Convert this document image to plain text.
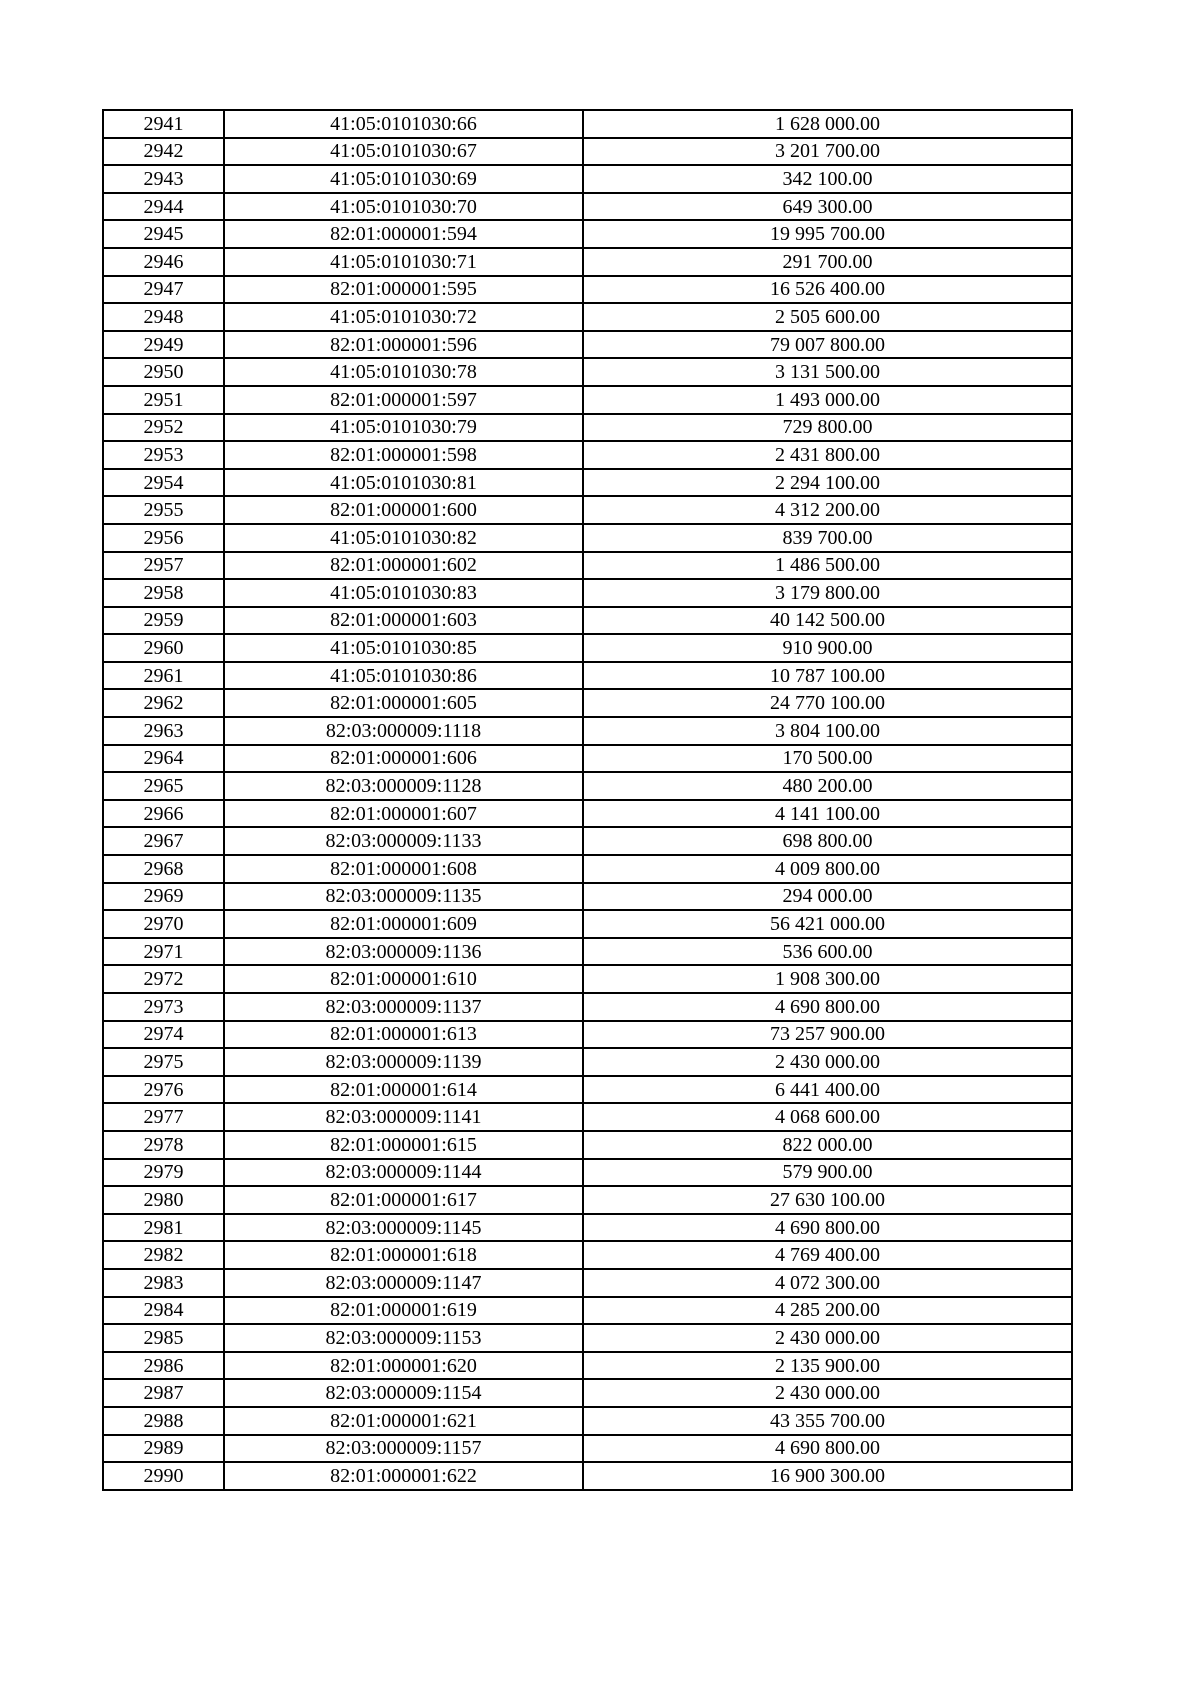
2941	41:05:0101030:66	1 628 000.00
2942	41:05:0101030:67	3 201 700.00
2943	41:05:0101030:69	342 100.00
2944	41:05:0101030:70	649 300.00
2945	82:01:000001:594	19 995 700.00
2946	41:05:0101030:71	291 700.00
2947	82:01:000001:595	16 526 400.00
2948	41:05:0101030:72	2 505 600.00
2949	82:01:000001:596	79 007 800.00
2950	41:05:0101030:78	3 131 500.00
2951	82:01:000001:597	1 493 000.00
2952	41:05:0101030:79	729 800.00
2953	82:01:000001:598	2 431 800.00
2954	41:05:0101030:81	2 294 100.00
2955	82:01:000001:600	4 312 200.00
2956	41:05:0101030:82	839 700.00
2957	82:01:000001:602	1 486 500.00
2958	41:05:0101030:83	3 179 800.00
2959	82:01:000001:603	40 142 500.00
2960	41:05:0101030:85	910 900.00
2961	41:05:0101030:86	10 787 100.00
2962	82:01:000001:605	24 770 100.00
2963	82:03:000009:1118	3 804 100.00
2964	82:01:000001:606	170 500.00
2965	82:03:000009:1128	480 200.00
2966	82:01:000001:607	4 141 100.00
2967	82:03:000009:1133	698 800.00
2968	82:01:000001:608	4 009 800.00
2969	82:03:000009:1135	294 000.00
2970	82:01:000001:609	56 421 000.00
2971	82:03:000009:1136	536 600.00
2972	82:01:000001:610	1 908 300.00
2973	82:03:000009:1137	4 690 800.00
2974	82:01:000001:613	73 257 900.00
2975	82:03:000009:1139	2 430 000.00
2976	82:01:000001:614	6 441 400.00
2977	82:03:000009:1141	4 068 600.00
2978	82:01:000001:615	822 000.00
2979	82:03:000009:1144	579 900.00
2980	82:01:000001:617	27 630 100.00
2981	82:03:000009:1145	4 690 800.00
2982	82:01:000001:618	4 769 400.00
2983	82:03:000009:1147	4 072 300.00
2984	82:01:000001:619	4 285 200.00
2985	82:03:000009:1153	2 430 000.00
2986	82:01:000001:620	2 135 900.00
2987	82:03:000009:1154	2 430 000.00
2988	82:01:000001:621	43 355 700.00
2989	82:03:000009:1157	4 690 800.00
2990	82:01:000001:622	16 900 300.00
